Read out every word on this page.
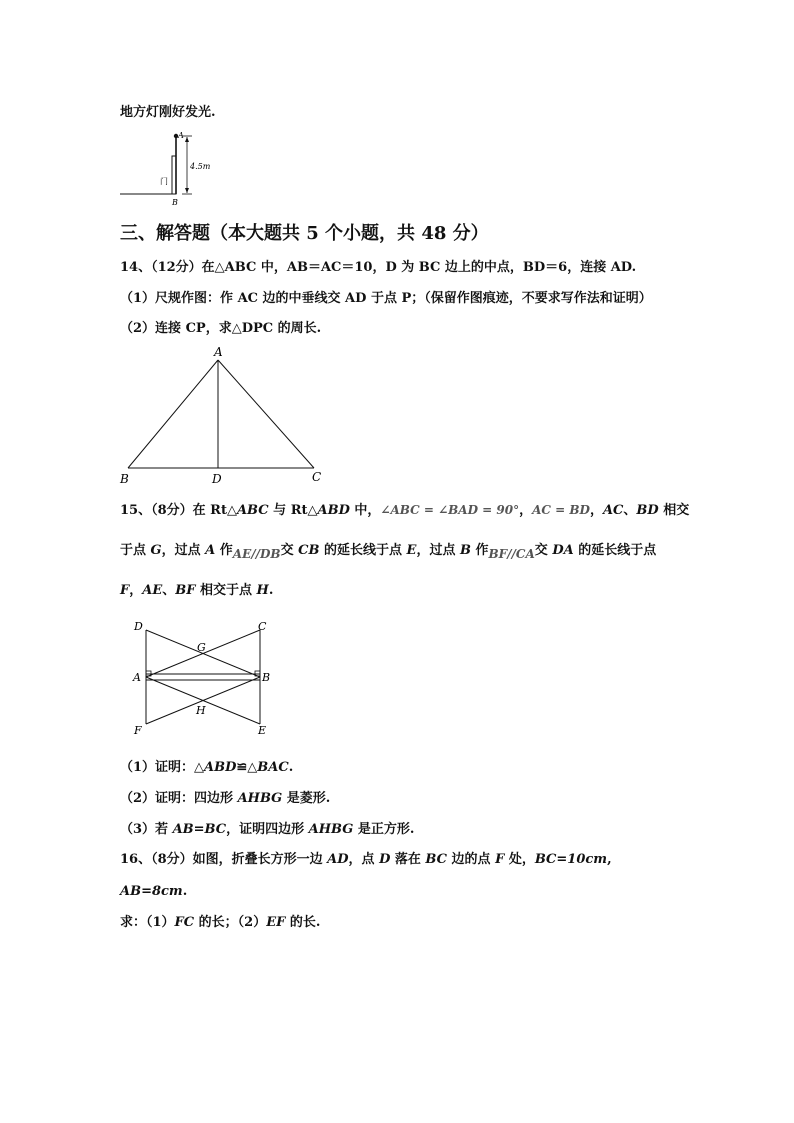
地方灯刚好发光.
A
B
门
4.5m
三、解答题（本大题共 5 个小题，共 48 分）
14、（12分）在△ABC 中，AB＝AC＝10，D 为 BC 边上的中点，BD＝6，连接 AD.
（1）尺规作图：作 AC 边的中垂线交 AD 于点 P；（保留作图痕迹，不要求写作法和证明）
（2）连接 CP，求△DPC 的周长.
A
B	D	C
15、（8分）在 Rt△ABC 与 Rt△ABD 中，∠ABC = ∠BAD = 90°，AC = BD，AC、BD 相交
于点 G，过点 A 作AE//DB交 CB 的延长线于点 E，过点 B 作BF//CA交 DA 的延长线于点
F，AE、BF 相交于点 H.
D	C
G
A	B
H
F	E
（1）证明：△ABD≌△BAC.
（2）证明：四边形 AHBG 是菱形.
（3）若 AB=BC，证明四边形 AHBG 是正方形.
16、（8分）如图，折叠长方形一边 AD，点 D 落在 BC 边的点 F 处，BC=10cm,
AB=8cm.
求：（1）FC 的长；（2）EF 的长.
